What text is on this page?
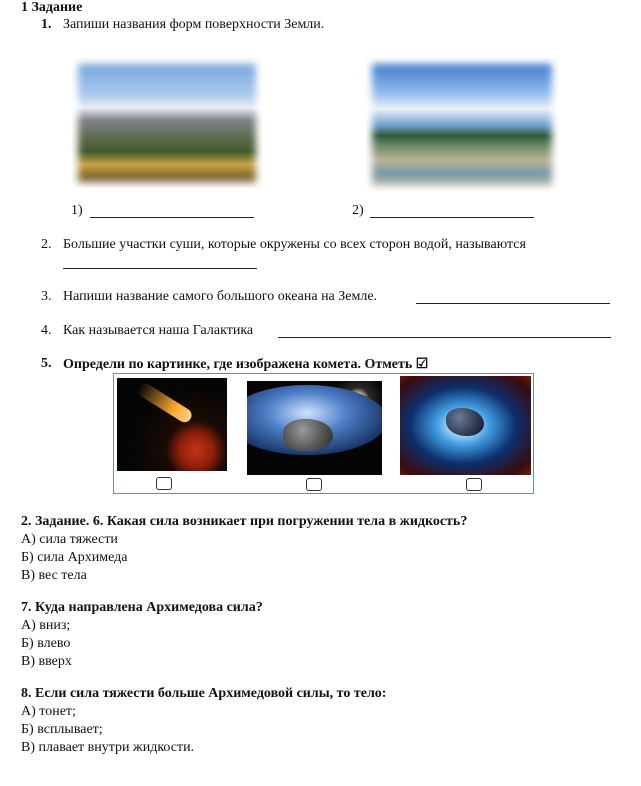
1 Задание
1. Запиши названия форм поверхности Земли.
1)	2)
2. Большие участки суши, которые окружены со всех сторон водой, называются
3. Напиши название самого большого океана на Земле.
4. Как называется наша Галактика
5. Определи по картинке, где изображена комета. Отметь ☑
2. Задание. 6. Какая сила возникает при погружении тела в жидкость?
А) сила тяжести
Б) сила Архимеда
В) вес тела
7. Куда направлена Архимедова сила?
А) вниз;
Б) влево
В) вверх
8. Если сила тяжести больше Архимедовой силы, то тело:
А) тонет;
Б) всплывает;
В) плавает внутри жидкости.
